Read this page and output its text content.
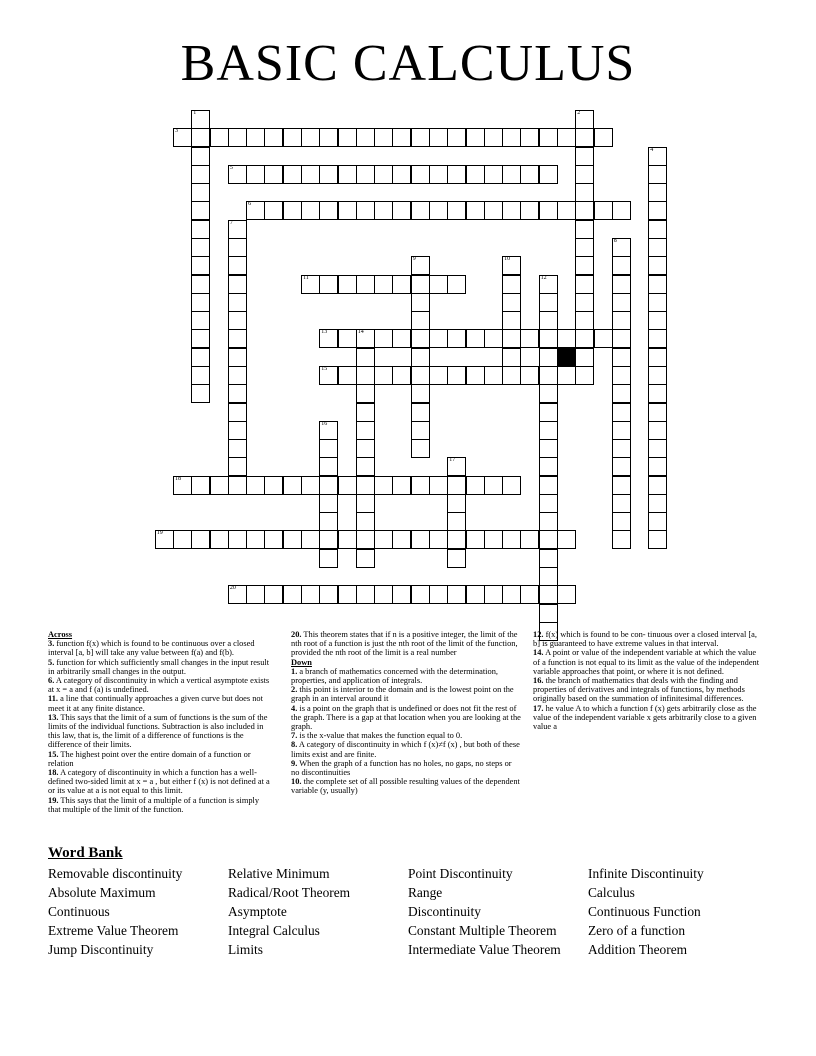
BASIC CALCULUS
1	2
3
4
5
6
7
8
9	10
11	12
13	14
15
16
17
18
19
20
Across
3. function f(x) which is found to be continuous over a closed interval [a, b] will take any value between f(a) and f(b).
5. function for which sufficiently small changes in the input result in arbitrarily small changes in the output.
6. A category of discontinuity in which a vertical asymptote exists at x = a and f (a) is undefined.
11. a line that continually approaches a given curve but does not meet it at any finite distance.
13. This says that the limit of a sum of functions is the sum of the limits of the individual functions. Subtraction is also included in this law, that is, the limit of a difference of functions is the difference of their limits.
15. The highest point over the entire domain of a function or relation
18. A category of discontinuity in which a function has a well-defined two-sided limit at x = a , but either f (x) is not defined at a or its value at a is not equal to this limit.
19. This says that the limit of a multiple of a function is simply that multiple of the limit of the function.
20. This theorem states that if n is a positive integer, the limit of the nth root of a function is just the nth root of the limit of the function, provided the nth root of the limit is a real number
Down
1. a branch of mathematics concerned with the determination, properties, and application of integrals.
2. this point is interior to the domain and is the lowest point on the graph in an interval around it
4. is a point on the graph that is undefined or does not fit the rest of the graph. There is a gap at that location when you are looking at the graph.
7. is the x-value that makes the function equal to 0.
8. A category of discontinuity in which f (x)≠f (x) , but both of these limits exist and are finite.
9. When the graph of a function has no holes, no gaps, no steps or no discontinuities
10. the complete set of all possible resulting values of the dependent variable (y, usually)
12. f(x) which is found to be con- tinuous over a closed interval [a, b] is guaranteed to have extreme values in that interval.
14. A point or value of the independent variable at which the value of a function is not equal to its limit as the value of the independent variable approaches that point, or where it is not defined.
16. the branch of mathematics that deals with the finding and properties of derivatives and integrals of functions, by methods originally based on the summation of infinitesimal differences.
17. he value A to which a function f (x) gets arbitrarily close as the value of the independent variable x gets arbitrarily close to a given value a
Word Bank
Removable discontinuity
Absolute Maximum
Continuous
Extreme Value Theorem
Jump Discontinuity
Relative Minimum
Radical/Root Theorem
Asymptote
Integral Calculus
Limits
Point Discontinuity
Range
Discontinuity
Constant Multiple Theorem
Intermediate Value Theorem
Infinite Discontinuity
Calculus
Continuous Function
Zero of a function
Addition Theorem
